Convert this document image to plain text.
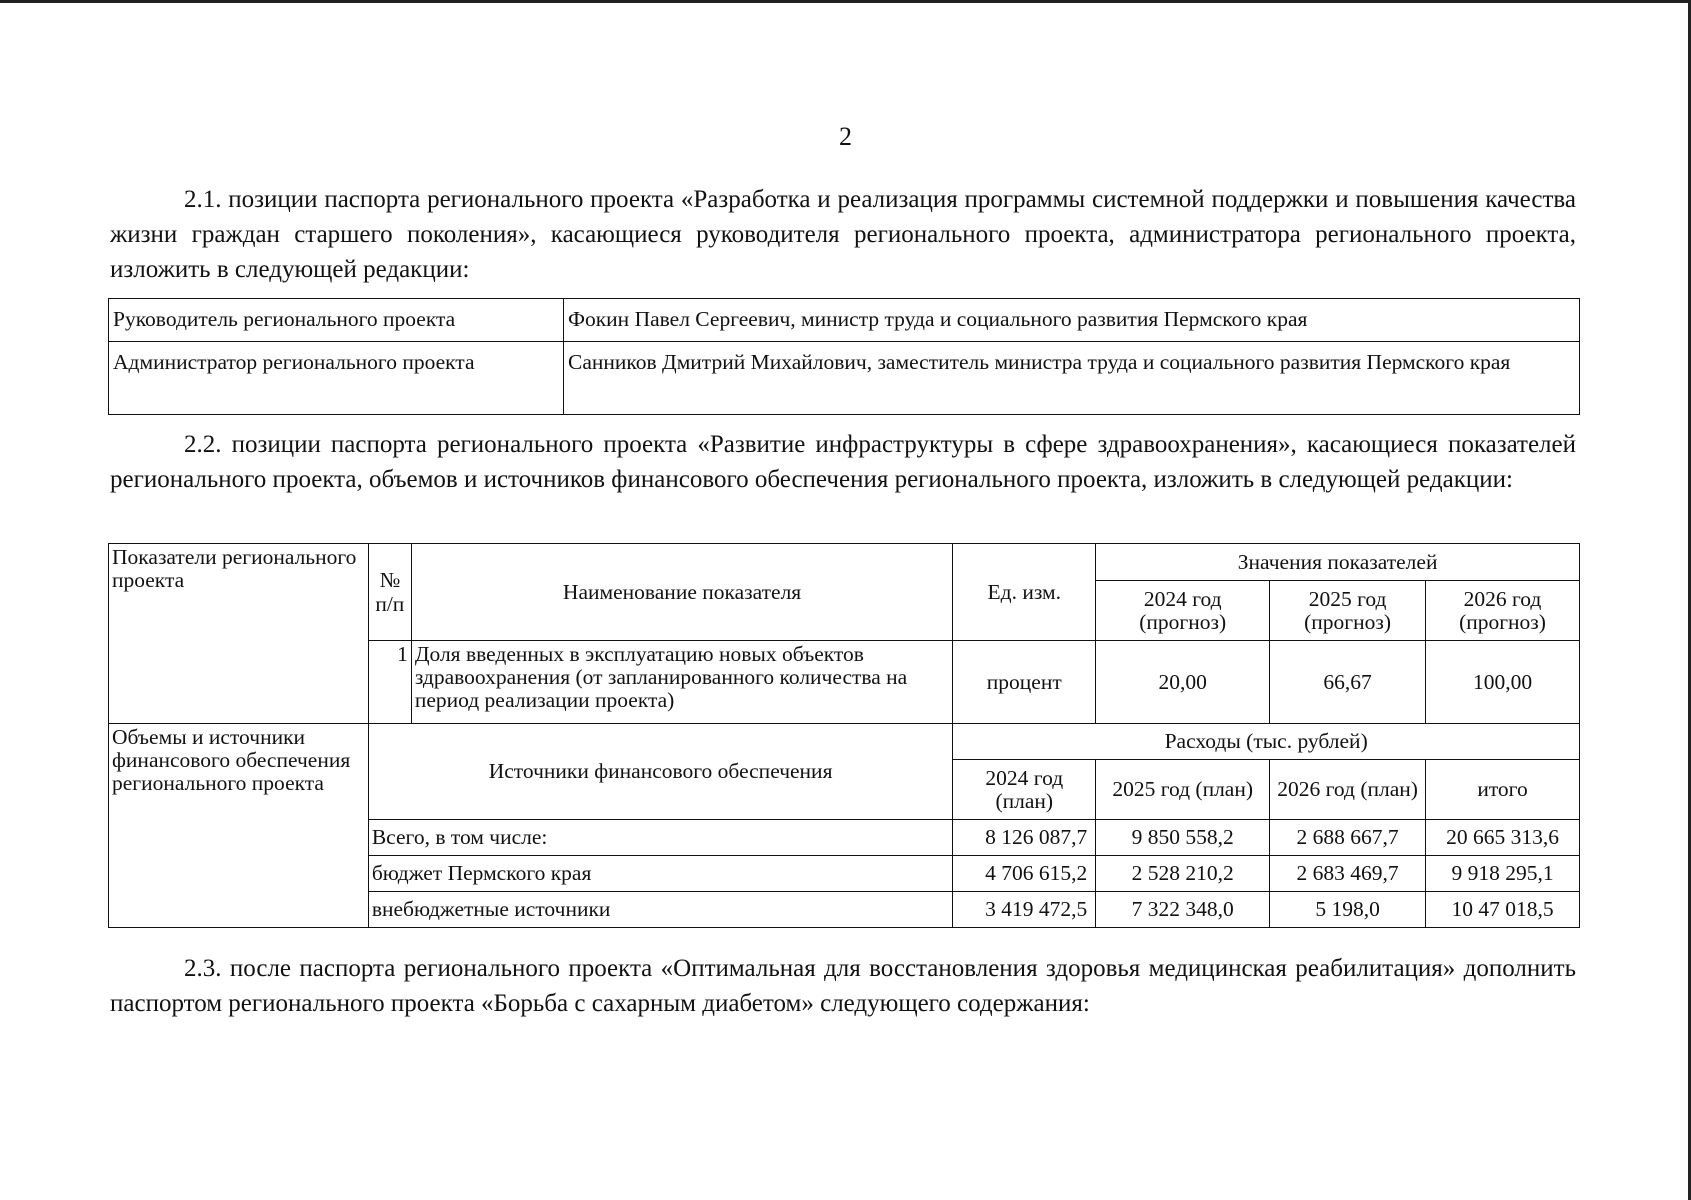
2

2.1. позиции паспорта регионального проекта «Разработка и реализация программы системной поддержки и повышения качества жизни граждан старшего поколения», касающиеся руководителя регионального проекта, администратора регионального проекта, изложить в следующей редакции:

Руководитель регионального проекта	Фокин Павел Сергеевич, министр труда и социального развития Пермского края
Администратор регионального проекта	Санников Дмитрий Михайлович, заместитель министра труда и социального развития Пермского края

2.2. позиции паспорта регионального проекта «Развитие инфраструктуры в сфере здравоохранения», касающиеся показателей регионального проекта, объемов и источников финансового обеспечения регионального проекта, изложить в следующей редакции:

Показатели регионального проекта	№ п/п	Наименование показателя	Ед. изм.	Значения показателей		
				2024 год (прогноз)	2025 год (прогноз)	2026 год (прогноз)
	1	Доля введенных в эксплуатацию новых объектов здравоохранения (от запланированного количества на период реализации проекта)	процент	20,00	66,67	100,00
Объемы и источники финансового обеспечения регионального проекта	Источники финансового обеспечения		Расходы (тыс. рублей)			
			2024 год (план)	2025 год (план)	2026 год (план)	итого
	Всего, в том числе:		8 126 087,7	9 850 558,2	2 688 667,7	20 665 313,6
	бюджет Пермского края		4 706 615,2	2 528 210,2	2 683 469,7	9 918 295,1
	внебюджетные источники		3 419 472,5	7 322 348,0	5 198,0	10 47 018,5

2.3. после паспорта регионального проекта «Оптимальная для восстановления здоровья медицинская реабилитация» дополнить паспортом регионального проекта «Борьба с сахарным диабетом» следующего содержания:
